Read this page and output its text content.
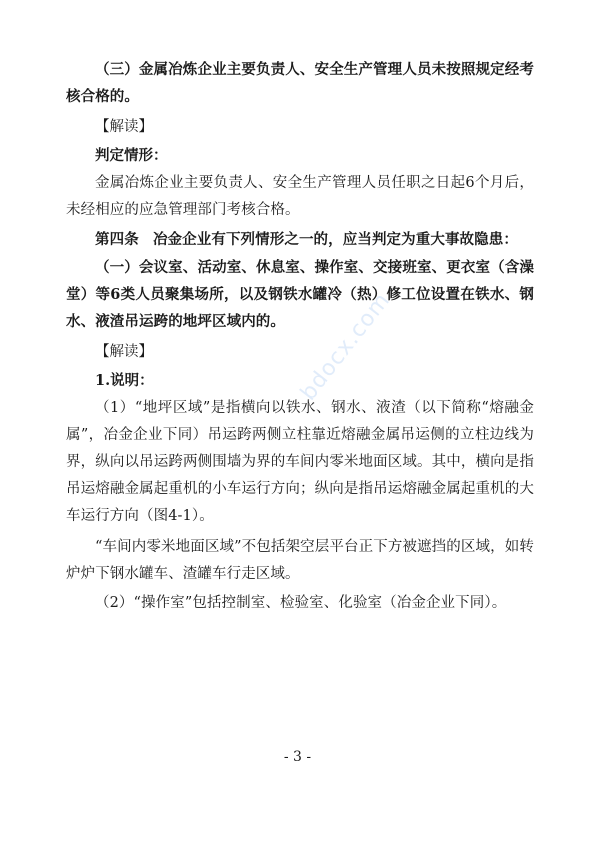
（三）金属冶炼企业主要负责人、安全生产管理人员未按照规定经考核合格的。

【解读】

判定情形：

金属冶炼企业主要负责人、安全生产管理人员任职之日起6个月后，未经相应的应急管理部门考核合格。

第四条 冶金企业有下列情形之一的，应当判定为重大事故隐患：

（一）会议室、活动室、休息室、操作室、交接班室、更衣室（含澡堂）等6类人员聚集场所，以及钢铁水罐冷（热）修工位设置在铁水、钢水、液渣吊运跨的地坪区域内的。

【解读】

1.说明：

（1）“地坪区域”是指横向以铁水、钢水、液渣（以下简称“熔融金属”，冶金企业下同）吊运跨两侧立柱靠近熔融金属吊运侧的立柱边线为界，纵向以吊运跨两侧围墙为界的车间内零米地面区域。其中，横向是指吊运熔融金属起重机的小车运行方向；纵向是指吊运熔融金属起重机的大车运行方向（图4-1）。

“车间内零米地面区域”不包括架空层平台正下方被遮挡的区域，如转炉炉下钢水罐车、渣罐车行走区域。

（2）“操作室”包括控制室、检验室、化验室（冶金企业下同）。

bdocx.com
- 3 -
